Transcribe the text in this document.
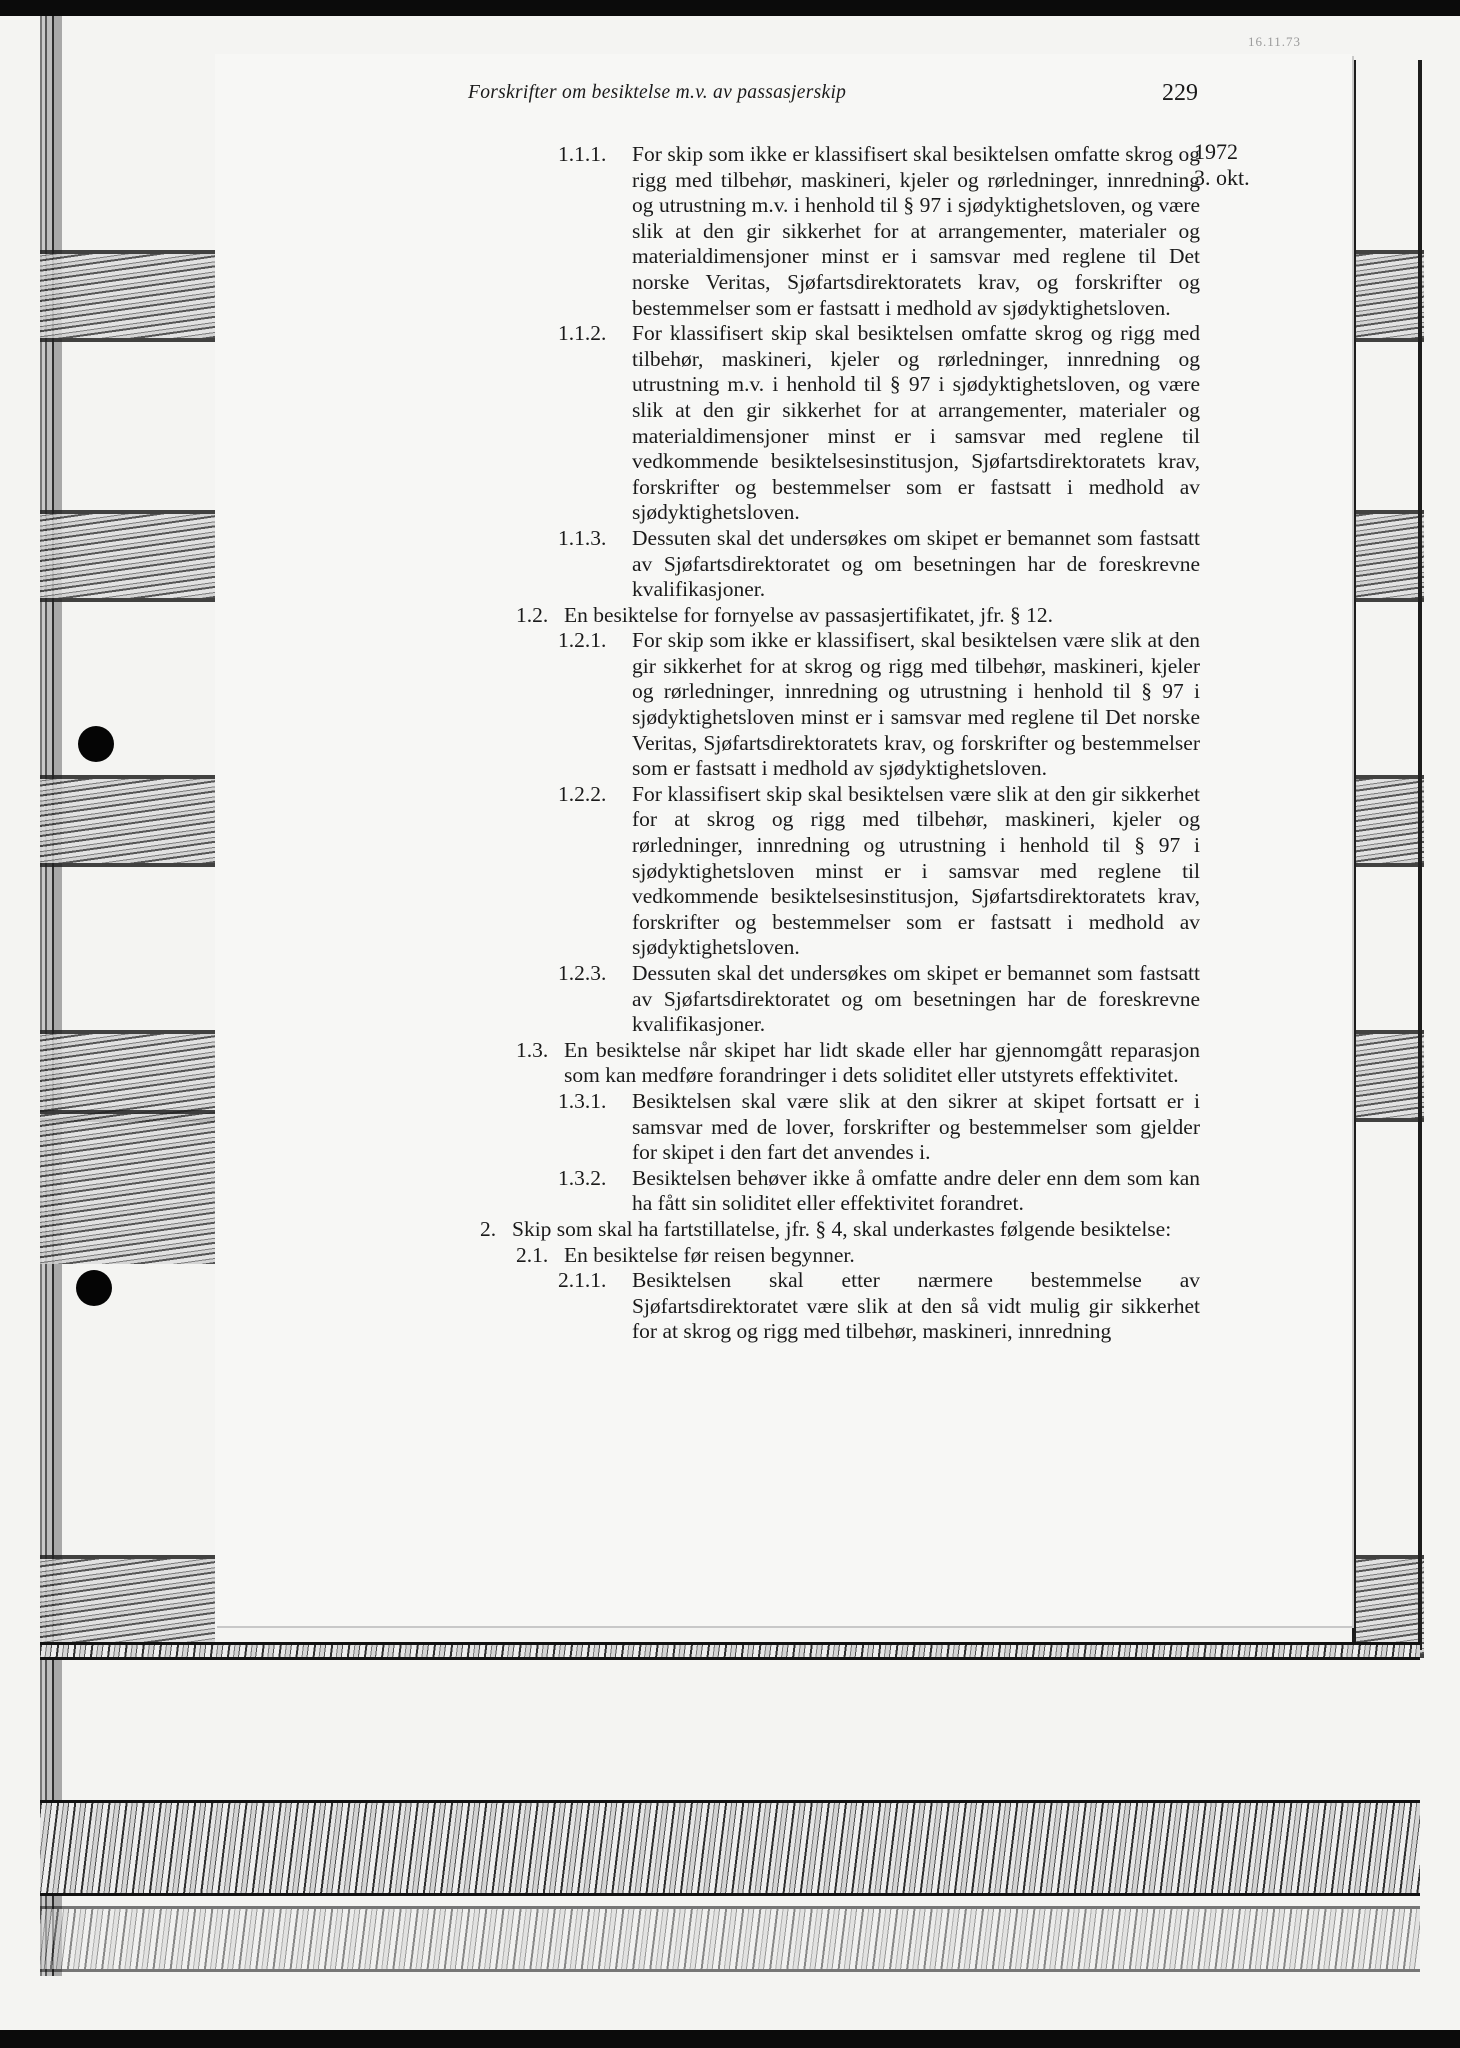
16.11.73
Forskrifter om besiktelse m.v. av passasjerskip	229
1972
3. okt.
1.1.1. For skip som ikke er klassifisert skal besiktelsen omfatte skrog og rigg med tilbehør, maskineri, kjeler og rørledninger, innredning og utrustning m.v. i henhold til § 97 i sjødyktighetsloven, og være slik at den gir sikkerhet for at arrangementer, materialer og materialdimensjoner minst er i samsvar med reglene til Det norske Veritas, Sjøfartsdirektoratets krav, og forskrifter og bestemmelser som er fastsatt i medhold av sjødyktighetsloven.
1.1.2. For klassifisert skip skal besiktelsen omfatte skrog og rigg med tilbehør, maskineri, kjeler og rørledninger, innredning og utrustning m.v. i henhold til § 97 i sjødyktighetsloven, og være slik at den gir sikkerhet for at arrangementer, materialer og materialdimensjoner minst er i samsvar med reglene til vedkommende besiktelsesinstitusjon, Sjøfartsdirektoratets krav, forskrifter og bestemmelser som er fastsatt i medhold av sjødyktighetsloven.
1.1.3. Dessuten skal det undersøkes om skipet er bemannet som fastsatt av Sjøfartsdirektoratet og om besetningen har de foreskrevne kvalifikasjoner.
1.2. En besiktelse for fornyelse av passasjertifikatet, jfr. § 12.
1.2.1. For skip som ikke er klassifisert, skal besiktelsen være slik at den gir sikkerhet for at skrog og rigg med tilbehør, maskineri, kjeler og rørledninger, innredning og utrustning i henhold til § 97 i sjødyktighetsloven minst er i samsvar med reglene til Det norske Veritas, Sjøfartsdirektoratets krav, og forskrifter og bestemmelser som er fastsatt i medhold av sjødyktighetsloven.
1.2.2. For klassifisert skip skal besiktelsen være slik at den gir sikkerhet for at skrog og rigg med tilbehør, maskineri, kjeler og rørledninger, innredning og utrustning i henhold til § 97 i sjødyktighetsloven minst er i samsvar med reglene til vedkommende besiktelsesinstitusjon, Sjøfartsdirektoratets krav, forskrifter og bestemmelser som er fastsatt i medhold av sjødyktighetsloven.
1.2.3. Dessuten skal det undersøkes om skipet er bemannet som fastsatt av Sjøfartsdirektoratet og om besetningen har de foreskrevne kvalifikasjoner.
1.3. En besiktelse når skipet har lidt skade eller har gjennomgått reparasjon som kan medføre forandringer i dets soliditet eller utstyrets effektivitet.
1.3.1. Besiktelsen skal være slik at den sikrer at skipet fortsatt er i samsvar med de lover, forskrifter og bestemmelser som gjelder for skipet i den fart det anvendes i.
1.3.2. Besiktelsen behøver ikke å omfatte andre deler enn dem som kan ha fått sin soliditet eller effektivitet forandret.
2. Skip som skal ha fartstillatelse, jfr. § 4, skal underkastes følgende besiktelse:
2.1. En besiktelse før reisen begynner.
2.1.1. Besiktelsen skal etter nærmere bestemmelse av Sjøfartsdirektoratet være slik at den så vidt mulig gir sikkerhet for at skrog og rigg med tilbehør, maskineri, innredning
